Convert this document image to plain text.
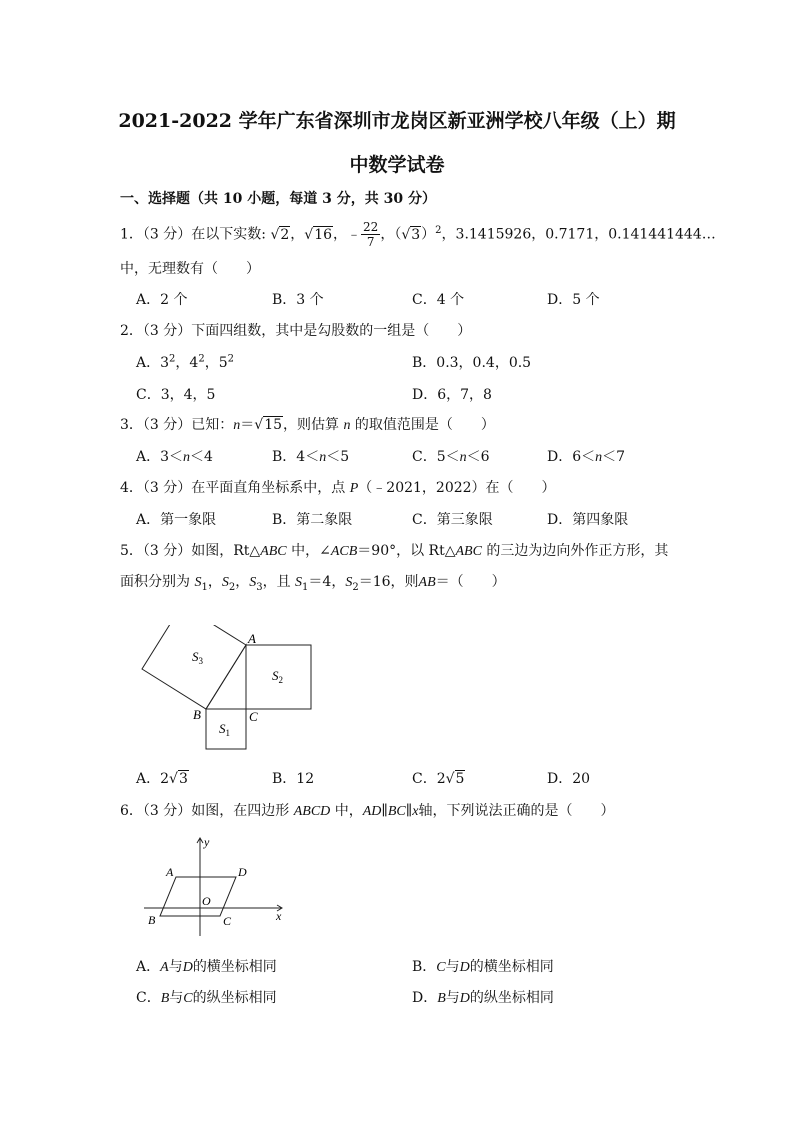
2021-2022 学年广东省深圳市龙岗区新亚洲学校八年级（上）期
中数学试卷
一、选择题（共 10 小题，每道 3 分，共 30 分）
1．（3 分）在以下实数: √2，√16，﹣ $\frac{22}{7}$ ，$(√3)^2$，3.1415926，0.7171，0.141441444…
中，无理数有（　　）
A．2 个	B．3 个	C．4 个	D．5 个
2．（3 分）下面四组数，其中是勾股数的一组是（　　）
A．$3^2$，$4^2$，$5^2$	B．0.3，0.4，0.5
C．3，4，5	D．6，7，8
3．（3 分）已知：n＝√15，则估算 n 的取值范围是（　　）
A．3＜n＜4	B．4＜n＜5	C．5＜n＜6	D．6＜n＜7
4．（3 分）在平面直角坐标系中，点 P（﹣2021，2022）在（　　）
A．第一象限	B．第二象限	C．第三象限	D．第四象限
5．（3 分）如图，Rt△ABC 中，∠ACB＝90°，以 Rt△ABC 的三边为边向外作正方形，其
面积分别为 $S_1$，$S_2$，$S_3$，且 $S_1=4$，$S_2=16$，则AB＝（　　）
A
B	C
$S_1$
$S_2$
$S_3$
A．2√3	B．12	C．2√5	D．20
6．（3 分）如图，在四边形 ABCD 中，AD∥BC∥x轴，下列说法正确的是（　　）
y
x
A	D
O
B	C
A．A与D的横坐标相同	B．C与D的横坐标相同
C．B与C的纵坐标相同	D．B与D的纵坐标相同
